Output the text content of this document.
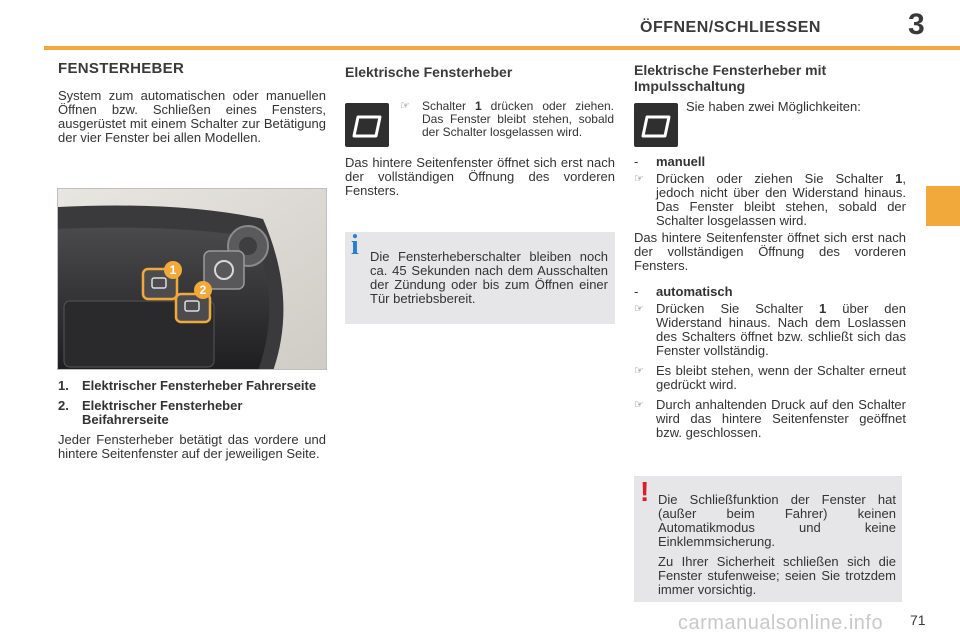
ÖFFNEN/SCHLIESSEN	3
FENSTERHEBER
System zum automatischen oder manuellen Öffnen bzw. Schließen eines Fensters, ausgerüstet mit einem Schalter zur Betätigung der vier Fenster bei allen Modellen.
1
2
1. Elektrischer Fensterheber Fahrerseite
2. Elektrischer Fensterheber Beifahrerseite
Jeder Fensterheber betätigt das vordere und hintere Seitenfenster auf der jeweiligen Seite.
Elektrische Fensterheber
☞ Schalter 1 drücken oder ziehen. Das Fenster bleibt stehen, sobald der Schalter losgelassen wird.
Das hintere Seitenfenster öffnet sich erst nach der vollständigen Öffnung des vorderen Fensters.
i Die Fensterheberschalter bleiben noch ca. 45 Sekunden nach dem Ausschalten der Zündung oder bis zum Öffnen einer Tür betriebsbereit.
Elektrische Fensterheber mit Impulsschaltung
Sie haben zwei Möglichkeiten:
- manuell
☞ Drücken oder ziehen Sie Schalter 1, jedoch nicht über den Widerstand hinaus. Das Fenster bleibt stehen, sobald der Schalter losgelassen wird.
Das hintere Seitenfenster öffnet sich erst nach der vollständigen Öffnung des vorderen Fensters.
- automatisch
☞ Drücken Sie Schalter 1 über den Widerstand hinaus. Nach dem Loslassen des Schalters öffnet bzw. schließt sich das Fenster vollständig.
☞ Es bleibt stehen, wenn der Schalter erneut gedrückt wird.
☞ Durch anhaltenden Druck auf den Schalter wird das hintere Seitenfenster geöffnet bzw. geschlossen.
! Die Schließfunktion der Fenster hat (außer beim Fahrer) keinen Automatikmodus und keine Einklemmsicherung.
Zu Ihrer Sicherheit schließen sich die Fenster stufenweise; seien Sie trotzdem immer vorsichtig.
carmanualsonline.info 71
